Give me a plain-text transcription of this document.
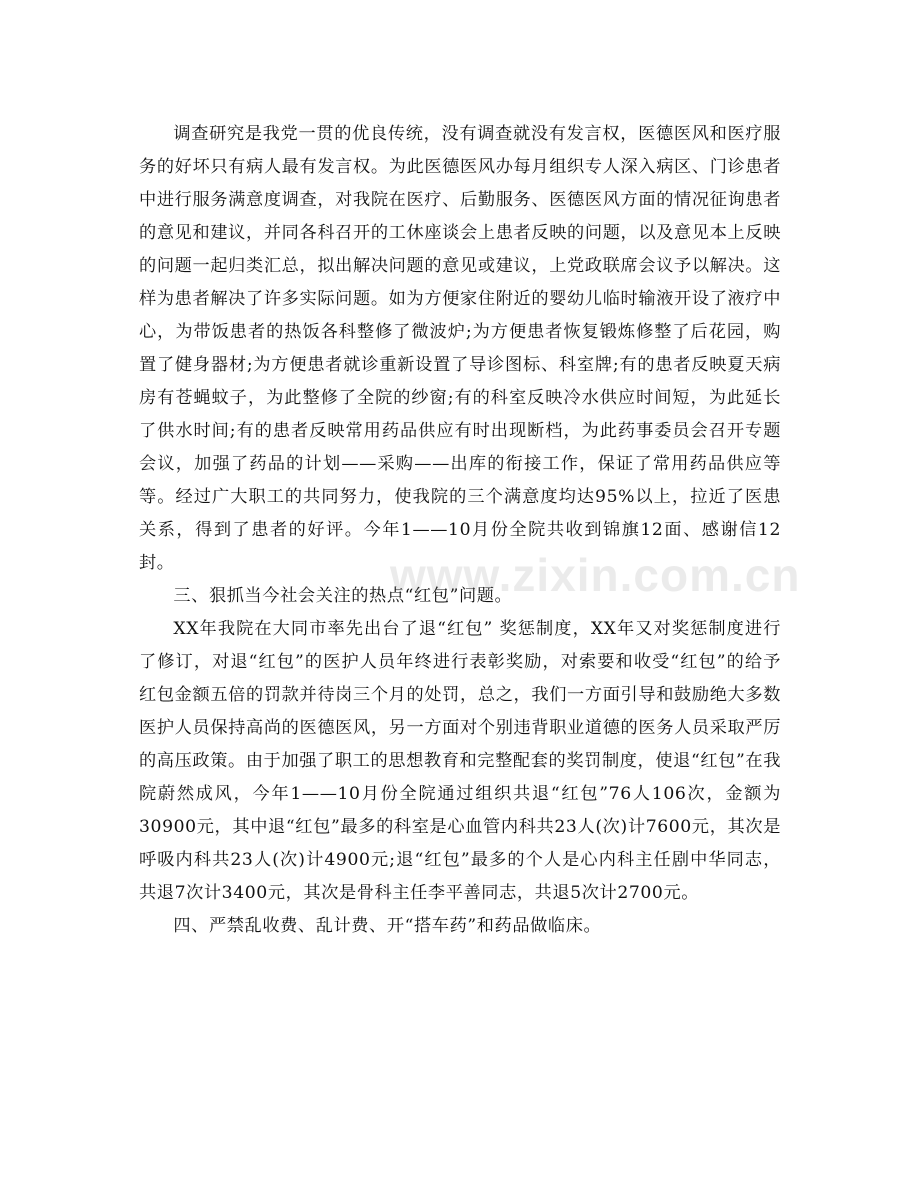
调查研究是我党一贯的优良传统，没有调查就没有发言权，医德医风和医疗服务的好坏只有病人最有发言权。为此医德医风办每月组织专人深入病区、门诊患者中进行服务满意度调查，对我院在医疗、后勤服务、医德医风方面的情况征询患者的意见和建议，并同各科召开的工休座谈会上患者反映的问题，以及意见本上反映的问题一起归类汇总，拟出解决问题的意见或建议，上党政联席会议予以解决。这样为患者解决了许多实际问题。如为方便家住附近的婴幼儿临时输液开设了液疗中心，为带饭患者的热饭各科整修了微波炉;为方便患者恢复锻炼修整了后花园，购置了健身器材;为方便患者就诊重新设置了导诊图标、科室牌;有的患者反映夏天病房有苍蝇蚊子，为此整修了全院的纱窗;有的科室反映冷水供应时间短，为此延长了供水时间;有的患者反映常用药品供应有时出现断档，为此药事委员会召开专题会议，加强了药品的计划——采购——出库的衔接工作，保证了常用药品供应等等。经过广大职工的共同努力，使我院的三个满意度均达95%以上，拉近了医患关系，得到了患者的好评。今年1——10月份全院共收到锦旗12面、感谢信12封。

三、狠抓当今社会关注的热点“红包”问题。

XX年我院在大同市率先出台了退“红包” 奖惩制度，XX年又对奖惩制度进行了修订，对退“红包”的医护人员年终进行表彰奖励，对索要和收受“红包”的给予红包金额五倍的罚款并待岗三个月的处罚，总之，我们一方面引导和鼓励绝大多数医护人员保持高尚的医德医风，另一方面对个别违背职业道德的医务人员采取严厉的高压政策。由于加强了职工的思想教育和完整配套的奖罚制度，使退“红包”在我院蔚然成风，今年1——10月份全院通过组织共退“红包”76人106次，金额为30900元，其中退“红包”最多的科室是心血管内科共23人(次)计7600元，其次是呼吸内科共23人(次)计4900元;退“红包”最多的个人是心内科主任剧中华同志，共退7次计3400元，其次是骨科主任李平善同志，共退5次计2700元。

四、严禁乱收费、乱计费、开“搭车药”和药品做临床。

www.zixin.com.cn
